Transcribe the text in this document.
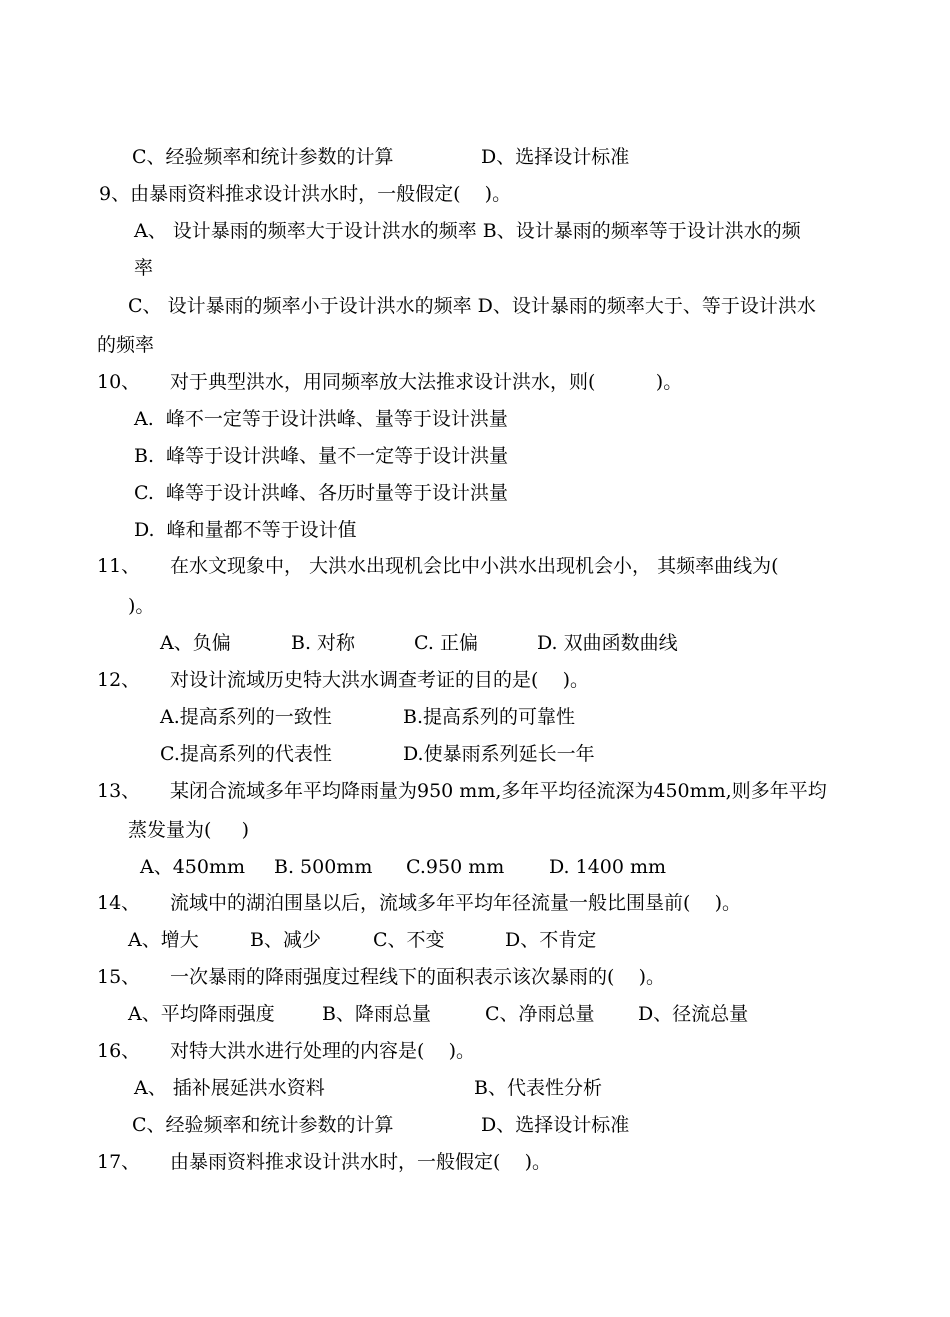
C、经验频率和统计参数的计算	D、选择设计标准
9、由暴雨资料推求设计洪水时，一般假定(    )。
A、 设计暴雨的频率大于设计洪水的频率 B、设计暴雨的频率等于设计洪水的频
率
C、 设计暴雨的频率小于设计洪水的频率 D、设计暴雨的频率大于、等于设计洪水
的频率
10、 对于典型洪水，用同频率放大法推求设计洪水，则(          )。
A.  峰不一定等于设计洪峰、量等于设计洪量
B.  峰等于设计洪峰、量不一定等于设计洪量
C.  峰等于设计洪峰、各历时量等于设计洪量
D.  峰和量都不等于设计值
11、 在水文现象中， 大洪水出现机会比中小洪水出现机会小， 其频率曲线为(
)。
A、负偏	B. 对称	C. 正偏	D. 双曲函数曲线
12、 对设计流域历史特大洪水调查考证的目的是(    )。
A.提高系列的一致性	B.提高系列的可靠性
C.提高系列的代表性	D.使暴雨系列延长一年
13、 某闭合流域多年平均降雨量为950 mm,多年平均径流深为450mm,则多年平均
蒸发量为(     )
A、450mm B. 500mm C.950 mm D. 1400 mm
14、 流域中的湖泊围垦以后，流域多年平均年径流量一般比围垦前(    )。
A、增大	B、减少	C、不变	D、不肯定
15、 一次暴雨的降雨强度过程线下的面积表示该次暴雨的(    )。
A、平均降雨强度 B、降雨总量	C、净雨总量 D、径流总量
16、 对特大洪水进行处理的内容是(    )。
A、 插补展延洪水资料	B、代表性分析
C、经验频率和统计参数的计算	D、选择设计标准
17、 由暴雨资料推求设计洪水时，一般假定(    )。
